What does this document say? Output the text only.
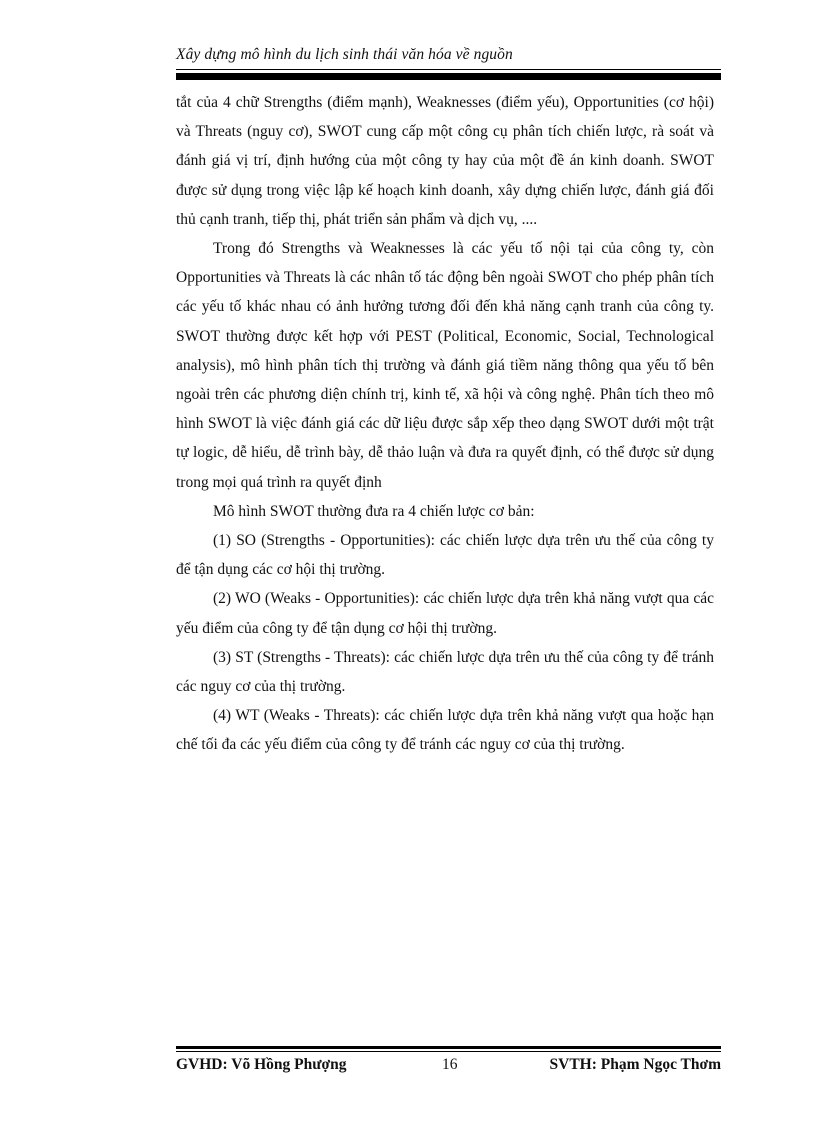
Xây dựng mô hình du lịch sinh thái văn hóa về nguồn

tắt của 4 chữ Strengths (điểm mạnh), Weaknesses (điểm yếu), Opportunities (cơ hội) và Threats (nguy cơ), SWOT cung cấp một công cụ phân tích chiến lược, rà soát và đánh giá vị trí, định hướng của một công ty hay của một đề án kinh doanh. SWOT được sử dụng trong việc lập kế hoạch kinh doanh, xây dựng chiến lược, đánh giá đối thủ cạnh tranh, tiếp thị, phát triển sản phẩm và dịch vụ, ....

Trong đó Strengths và Weaknesses là các yếu tố nội tại của công ty, còn Opportunities và Threats là các nhân tố tác động bên ngoài SWOT cho phép phân tích các yếu tố khác nhau có ảnh hưởng tương đối đến khả năng cạnh tranh của công ty. SWOT thường được kết hợp với PEST (Political, Economic, Social, Technological analysis), mô hình phân tích thị trường và đánh giá tiềm năng thông qua yếu tố bên ngoài trên các phương diện chính trị, kinh tế, xã hội và công nghệ. Phân tích theo mô hình SWOT là việc đánh giá các dữ liệu được sắp xếp theo dạng SWOT dưới một trật tự logic, dễ hiểu, dễ trình bày, dễ thảo luận và đưa ra quyết định, có thể được sử dụng trong mọi quá trình ra quyết định

Mô hình SWOT thường đưa ra 4 chiến lược cơ bản:

(1) SO (Strengths - Opportunities): các chiến lược dựa trên ưu thế của công ty để tận dụng các cơ hội thị trường.

(2) WO (Weaks - Opportunities): các chiến lược dựa trên khả năng vượt qua các yếu điểm của công ty để tận dụng cơ hội thị trường.

(3) ST (Strengths - Threats): các chiến lược dựa trên ưu thế của công ty để tránh các nguy cơ của thị trường.

(4) WT (Weaks - Threats): các chiến lược dựa trên khả năng vượt qua hoặc hạn chế tối đa các yếu điểm của công ty để tránh các nguy cơ của thị trường.

GVHD: Võ Hồng Phượng	16	SVTH: Phạm Ngọc Thơm
